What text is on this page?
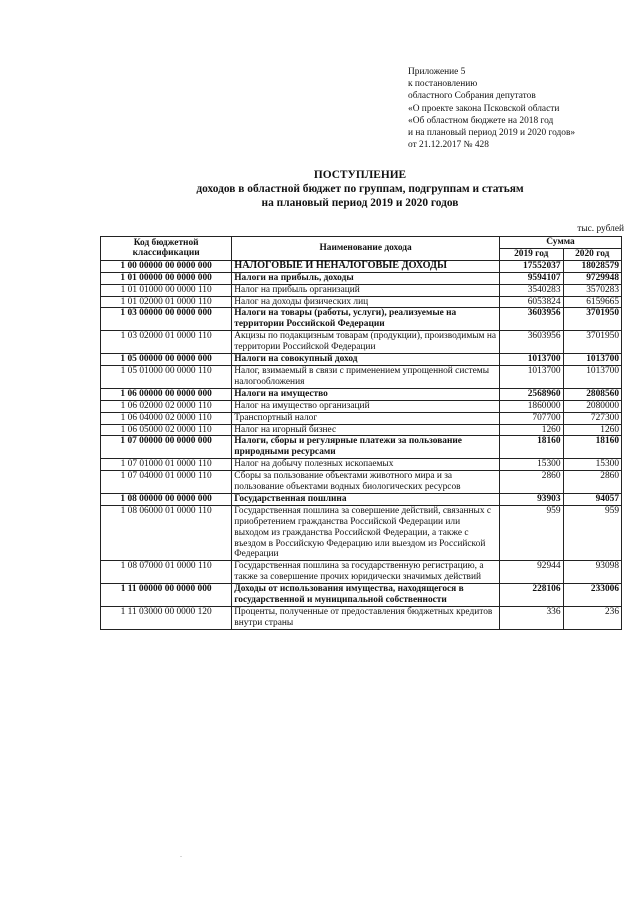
Приложение 5
к постановлению
областного Собрания депутатов
«О проекте закона Псковской области
«Об областном бюджете на 2018 год
и на плановый период 2019 и 2020 годов»
от 21.12.2017 № 428
ПОСТУПЛЕНИЕ
доходов в областной бюджет по группам, подгруппам и статьям
на плановый период 2019 и 2020 годов
тыс. рублей
Код бюджетной классификации	Наименование дохода	Сумма	
		2019 год	2020 год
1 00 00000 00 0000 000	НАЛОГОВЫЕ И НЕНАЛОГОВЫЕ ДОХОДЫ	17552037	18028579
1 01 00000 00 0000 000	Налоги на прибыль, доходы	9594107	9729948
1 01 01000 00 0000 110	Налог на прибыль организаций	3540283	3570283
1 01 02000 01 0000 110	Налог на доходы физических лиц	6053824	6159665
1 03 00000 00 0000 000	Налоги на товары (работы, услуги), реализуемые на территории Российской Федерации	3603956	3701950
1 03 02000 01 0000 110	Акцизы по подакцизным товарам (продукции), производимым на территории Российской Федерации	3603956	3701950
1 05 00000 00 0000 000	Налоги на совокупный доход	1013700	1013700
1 05 01000 00 0000 110	Налог, взимаемый в связи с применением упрощенной системы налогообложения	1013700	1013700
1 06 00000 00 0000 000	Налоги на имущество	2568960	2808560
1 06 02000 02 0000 110	Налог на имущество организаций	1860000	2080000
1 06 04000 02 0000 110	Транспортный налог	707700	727300
1 06 05000 02 0000 110	Налог на игорный бизнес	1260	1260
1 07 00000 00 0000 000	Налоги, сборы и регулярные платежи за пользование природными ресурсами	18160	18160
1 07 01000 01 0000 110	Налог на добычу полезных ископаемых	15300	15300
1 07 04000 01 0000 110	Сборы за пользование объектами животного мира и за пользование объектами водных биологических ресурсов	2860	2860
1 08 00000 00 0000 000	Государственная пошлина	93903	94057
1 08 06000 01 0000 110	Государственная пошлина за совершение действий, связанных с приобретением гражданства Российской Федерации или выходом из гражданства Российской Федерации, а также с въездом в Российскую Федерацию или выездом из Российской Федерации	959	959
1 08 07000 01 0000 110	Государственная пошлина за государственную регистрацию, а также за совершение прочих юридически значимых действий	92944	93098
1 11 00000 00 0000 000	Доходы от использования имущества, находящегося в государственной и муниципальной собственности	228106	233006
1 11 03000 00 0000 120	Проценты, полученные от предоставления бюджетных кредитов внутри страны	336	236
.
